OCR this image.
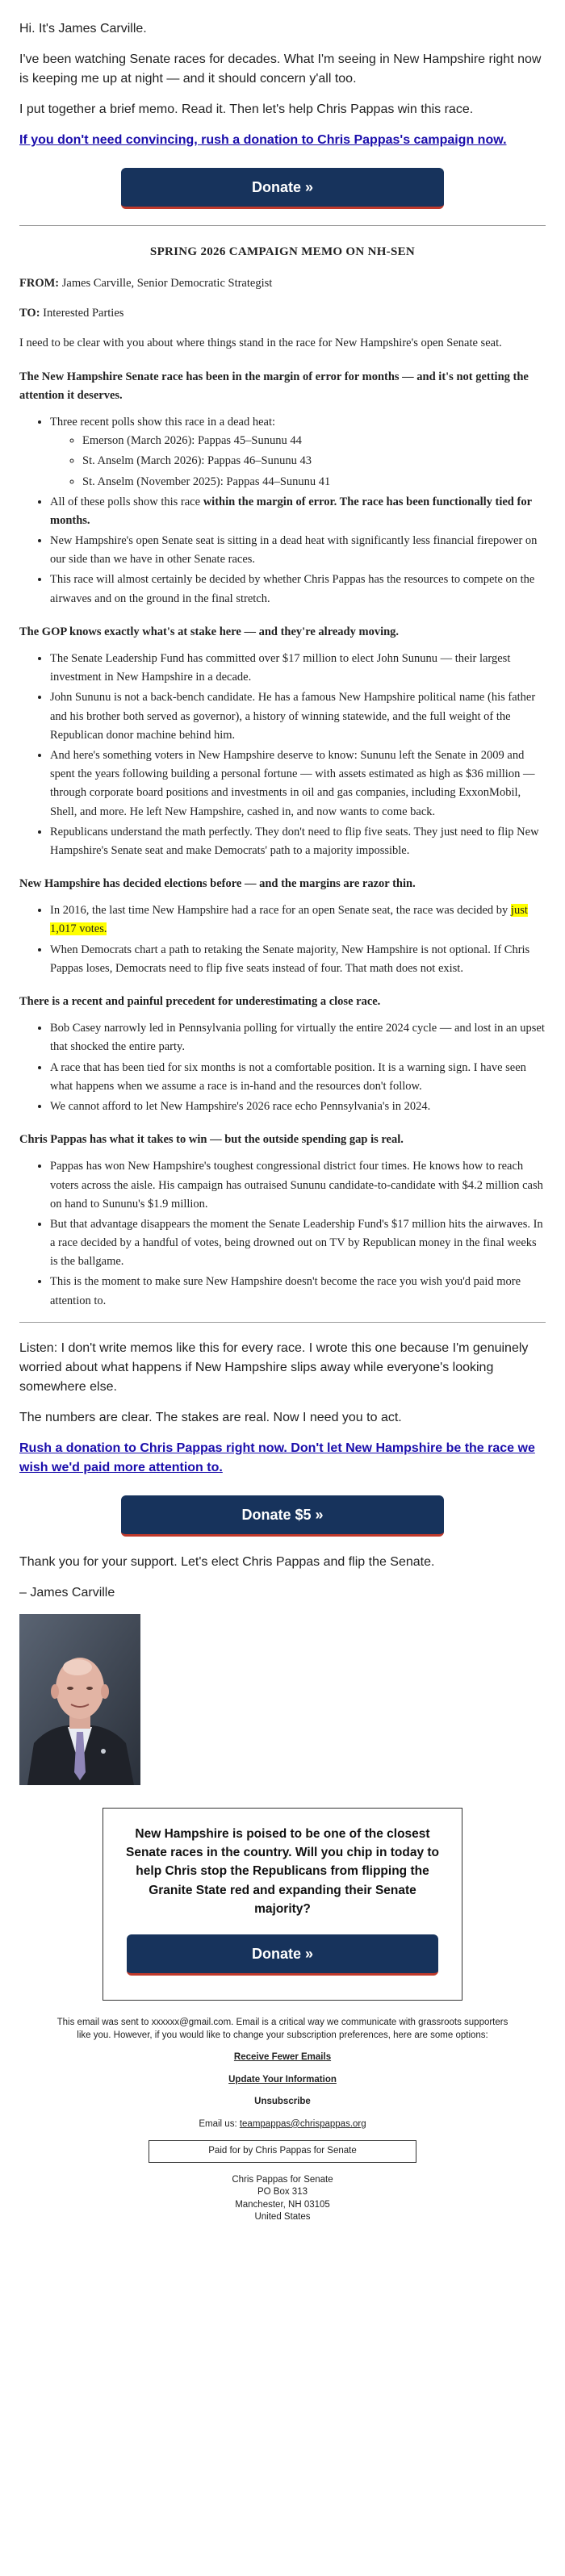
Hi. It's James Carville.

I've been watching Senate races for decades. What I'm seeing in New Hampshire right now is keeping me up at night — and it should concern y'all too.

I put together a brief memo. Read it. Then let's help Chris Pappas win this race.

If you don't need convincing, rush a donation to Chris Pappas's campaign now.

Donate »
SPRING 2026 CAMPAIGN MEMO ON NH-SEN

FROM: James Carville, Senior Democratic Strategist

TO: Interested Parties

I need to be clear with you about where things stand in the race for New Hampshire's open Senate seat.

The New Hampshire Senate race has been in the margin of error for months — and it's not getting the attention it deserves.
• Three recent polls show this race in a dead heat:
◦ Emerson (March 2026): Pappas 45–Sununu 44
◦ St. Anselm (March 2026): Pappas 46–Sununu 43
◦ St. Anselm (November 2025): Pappas 44–Sununu 41
• All of these polls show this race within the margin of error. The race has been functionally tied for months.
• New Hampshire's open Senate seat is sitting in a dead heat with significantly less financial firepower on our side than we have in other Senate races.
• This race will almost certainly be decided by whether Chris Pappas has the resources to compete on the airwaves and on the ground in the final stretch.
The GOP knows exactly what's at stake here — and they're already moving.
• The Senate Leadership Fund has committed over $17 million to elect John Sununu — their largest investment in New Hampshire in a decade.
• John Sununu is not a back-bench candidate. He has a famous New Hampshire political name (his father and his brother both served as governor), a history of winning statewide, and the full weight of the Republican donor machine behind him.
• And here's something voters in New Hampshire deserve to know: Sununu left the Senate in 2009 and spent the years following building a personal fortune — with assets estimated as high as $36 million — through corporate board positions and investments in oil and gas companies, including ExxonMobil, Shell, and more. He left New Hampshire, cashed in, and now wants to come back.
• Republicans understand the math perfectly. They don't need to flip five seats. They just need to flip New Hampshire's Senate seat and make Democrats' path to a majority impossible.
New Hampshire has decided elections before — and the margins are razor thin.
• In 2016, the last time New Hampshire had a race for an open Senate seat, the race was decided by just 1,017 votes.
• When Democrats chart a path to retaking the Senate majority, New Hampshire is not optional. If Chris Pappas loses, Democrats need to flip five seats instead of four. That math does not exist.
There is a recent and painful precedent for underestimating a close race.
• Bob Casey narrowly led in Pennsylvania polling for virtually the entire 2024 cycle — and lost in an upset that shocked the entire party.
• A race that has been tied for six months is not a comfortable position. It is a warning sign. I have seen what happens when we assume a race is in-hand and the resources don't follow.
• We cannot afford to let New Hampshire's 2026 race echo Pennsylvania's in 2024.
Chris Pappas has what it takes to win — but the outside spending gap is real.
• Pappas has won New Hampshire's toughest congressional district four times. He knows how to reach voters across the aisle. His campaign has outraised Sununu candidate-to-candidate with $4.2 million cash on hand to Sununu's $1.9 million.
• But that advantage disappears the moment the Senate Leadership Fund's $17 million hits the airwaves. In a race decided by a handful of votes, being drowned out on TV by Republican money in the final weeks is the ballgame.
• This is the moment to make sure New Hampshire doesn't become the race you wish you'd paid more attention to.

Listen: I don't write memos like this for every race. I wrote this one because I'm genuinely worried about what happens if New Hampshire slips away while everyone's looking somewhere else.

The numbers are clear. The stakes are real. Now I need you to act.

Rush a donation to Chris Pappas right now. Don't let New Hampshire be the race we wish we'd paid more attention to.

Donate $5 »

Thank you for your support. Let's elect Chris Pappas and flip the Senate.

– James Carville

New Hampshire is poised to be one of the closest Senate races in the country. Will you chip in today to help Chris stop the Republicans from flipping the Granite State red and expanding their Senate majority?
Donate »
This email was sent to xxxxxx@gmail.com. Email is a critical way we communicate with grassroots supporters like you. However, if you would like to change your subscription preferences, here are some options:
Receive Fewer Emails
Update Your Information
Unsubscribe
Email us: teampappas@chrispappas.org
Paid for by Chris Pappas for Senate
Chris Pappas for Senate
PO Box 313
Manchester, NH 03105
United States
